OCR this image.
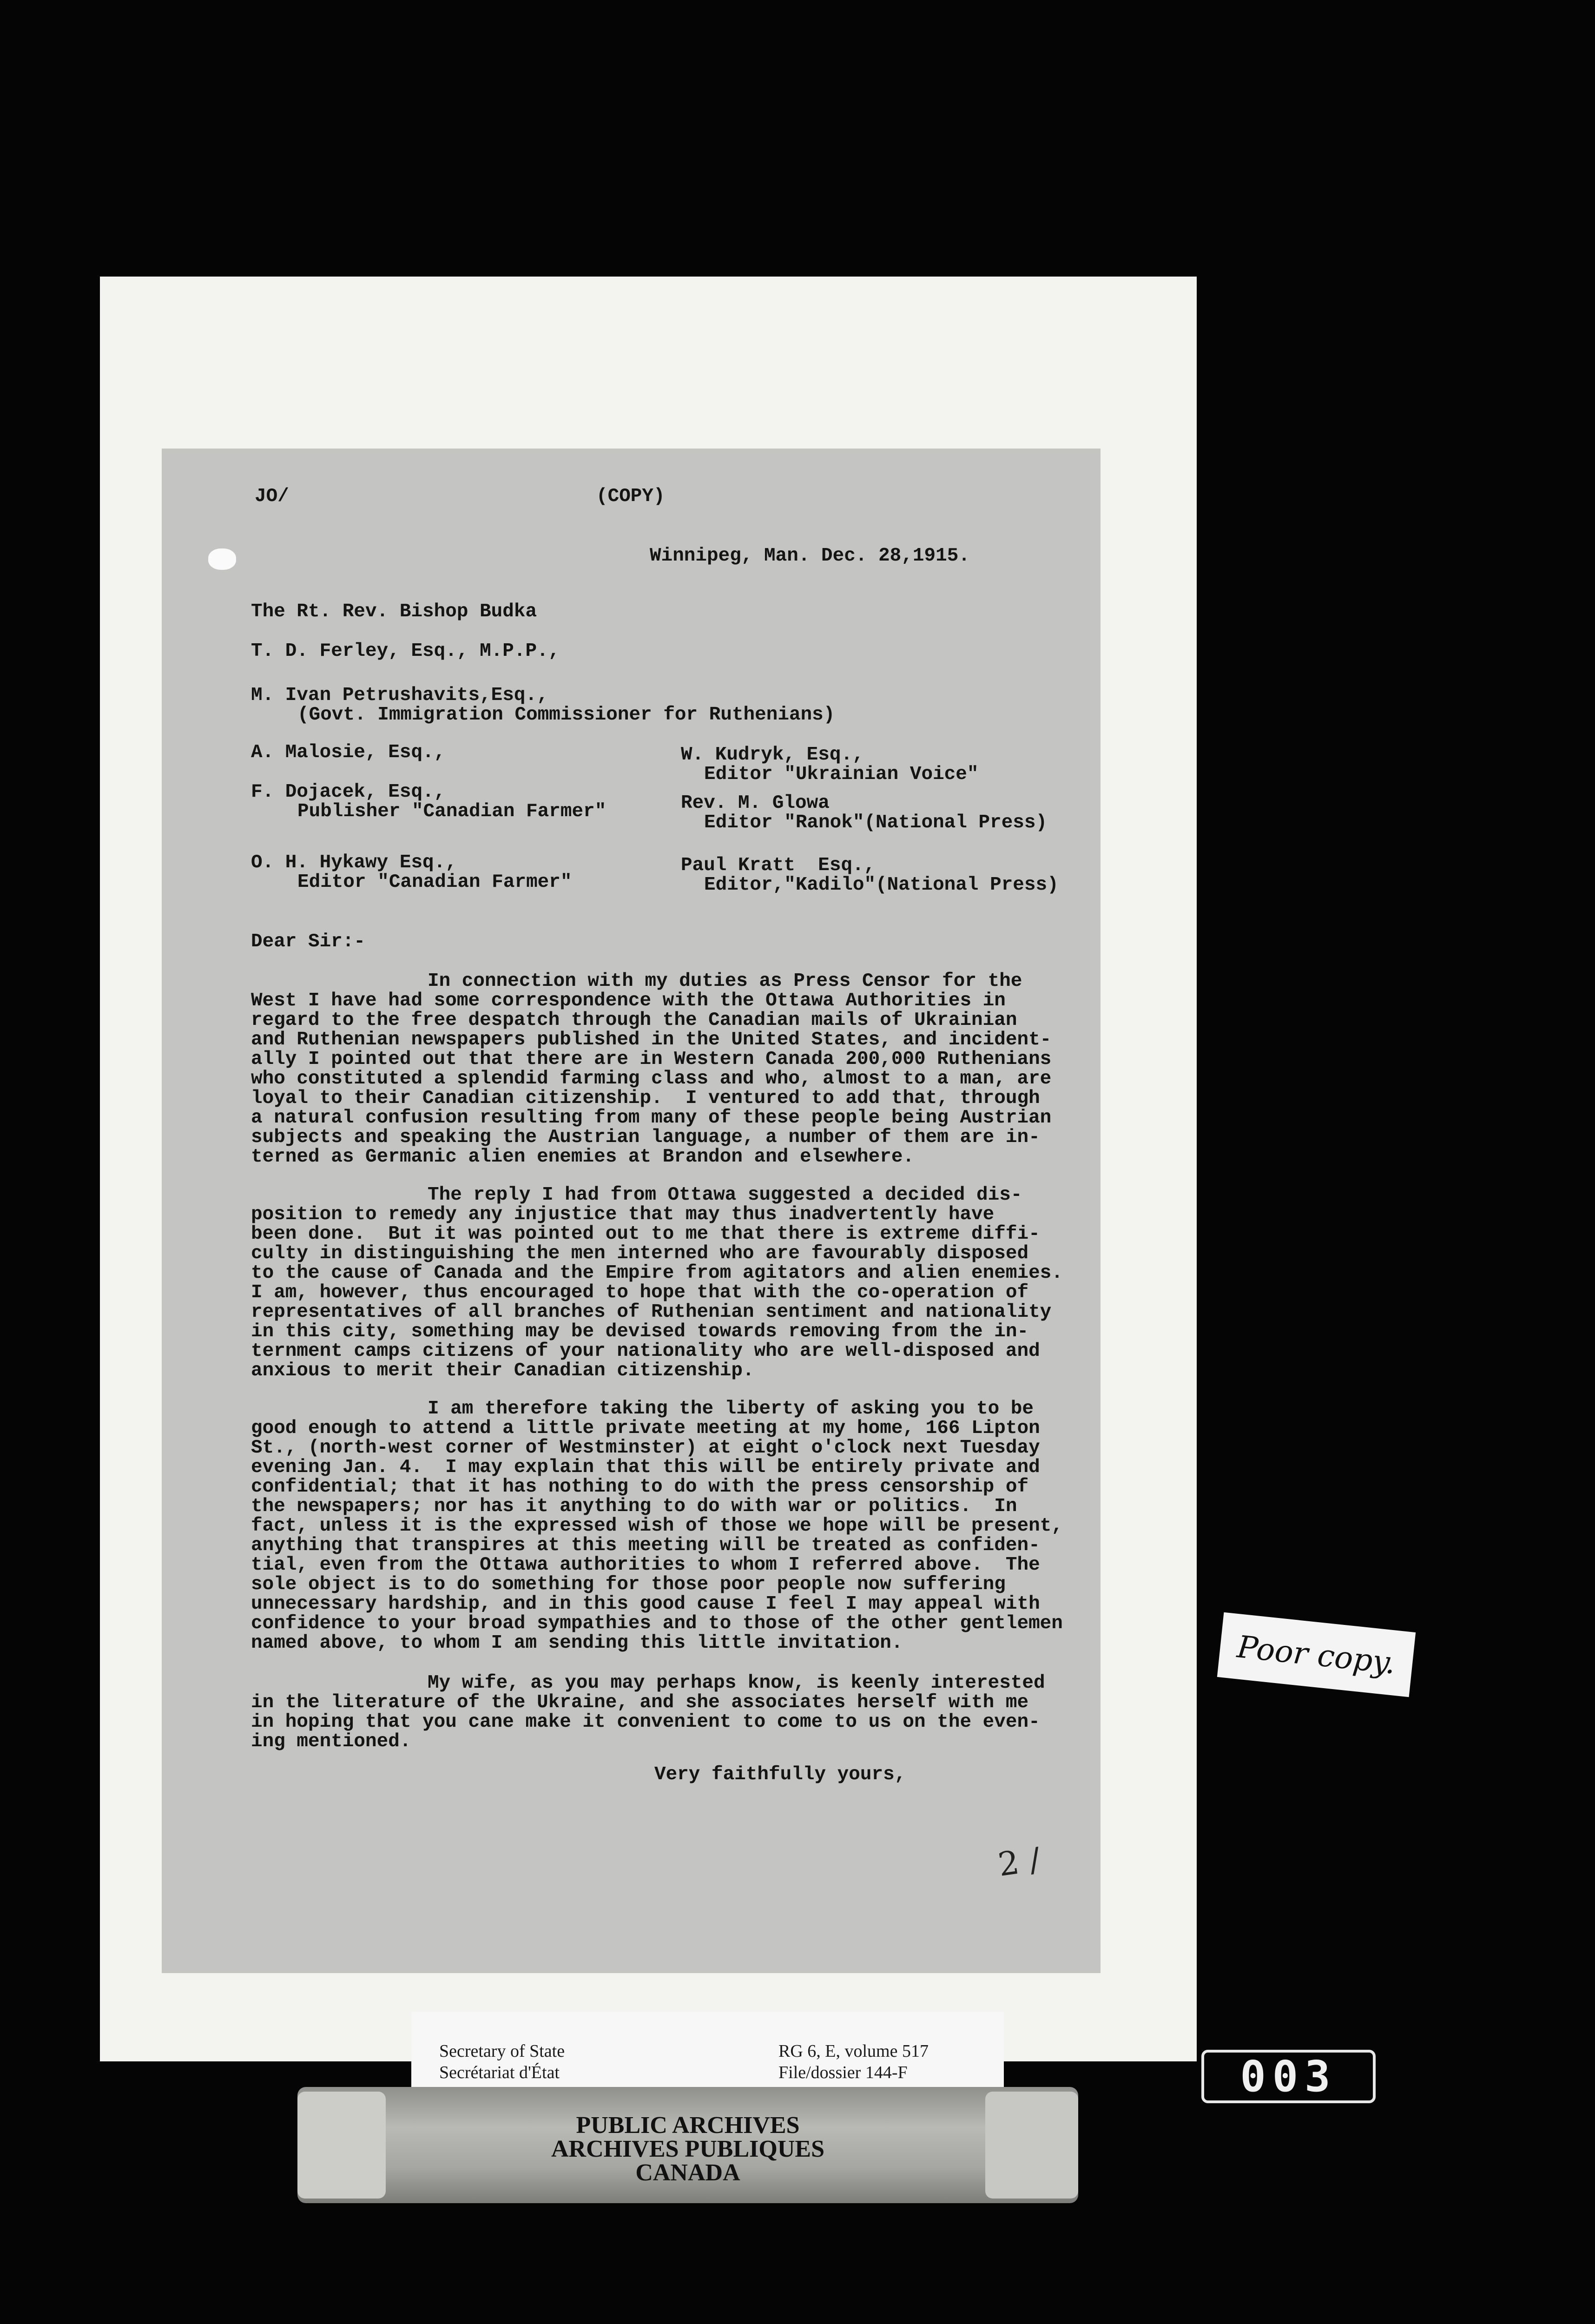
JO/	(COPY)
Winnipeg, Man. Dec. 28,1915.
The Rt. Rev. Bishop Budka
T. D. Ferley, Esq., M.P.P.,
M. Ivan Petrushavits,Esq.,
(Govt. Immigration Commissioner for Ruthenians)
A. Malosie, Esq.,
F. Dojacek, Esq.,
Publisher "Canadian Farmer"
O. H. Hykawy Esq.,
Editor "Canadian Farmer"
W. Kudryk, Esq.,
Editor "Ukrainian Voice"
Rev. M. Glowa
Editor "Ranok"(National Press)
Paul Kratt  Esq.,
Editor,"Kadilo"(National Press)
Dear Sir:-
In connection with my duties as Press Censor for the
West I have had some correspondence with the Ottawa Authorities in
regard to the free despatch through the Canadian mails of Ukrainian
and Ruthenian newspapers published in the United States, and incident-
ally I pointed out that there are in Western Canada 200,000 Ruthenians
who constituted a splendid farming class and who, almost to a man, are
loyal to their Canadian citizenship.  I ventured to add that, through
a natural confusion resulting from many of these people being Austrian
subjects and speaking the Austrian language, a number of them are in-
terned as Germanic alien enemies at Brandon and elsewhere.
The reply I had from Ottawa suggested a decided dis-
position to remedy any injustice that may thus inadvertently have
been done.  But it was pointed out to me that there is extreme diffi-
culty in distinguishing the men interned who are favourably disposed
to the cause of Canada and the Empire from agitators and alien enemies.
I am, however, thus encouraged to hope that with the co-operation of
representatives of all branches of Ruthenian sentiment and nationality
in this city, something may be devised towards removing from the in-
ternment camps citizens of your nationality who are well-disposed and
anxious to merit their Canadian citizenship.
I am therefore taking the liberty of asking you to be
good enough to attend a little private meeting at my home, 166 Lipton
St., (north-west corner of Westminster) at eight o'clock next Tuesday
evening Jan. 4.  I may explain that this will be entirely private and
confidential; that it has nothing to do with the press censorship of
the newspapers; nor has it anything to do with war or politics.  In
fact, unless it is the expressed wish of those we hope will be present,
anything that transpires at this meeting will be treated as confiden-
tial, even from the Ottawa authorities to whom I referred above.  The
sole object is to do something for those poor people now suffering
unnecessary hardship, and in this good cause I feel I may appeal with
confidence to your broad sympathies and to those of the other gentlemen
named above, to whom I am sending this little invitation.
My wife, as you may perhaps know, is keenly interested
in the literature of the Ukraine, and she associates herself with me
in hoping that you cane make it convenient to come to us on the even-
ing mentioned.
Very faithfully yours,
2 /
Poor copy.
Secretary of State
Secrétariat d'État
RG 6, E, volume 517
File/dossier 144-F	003
PUBLIC ARCHIVES
ARCHIVES PUBLIQUES
CANADA
